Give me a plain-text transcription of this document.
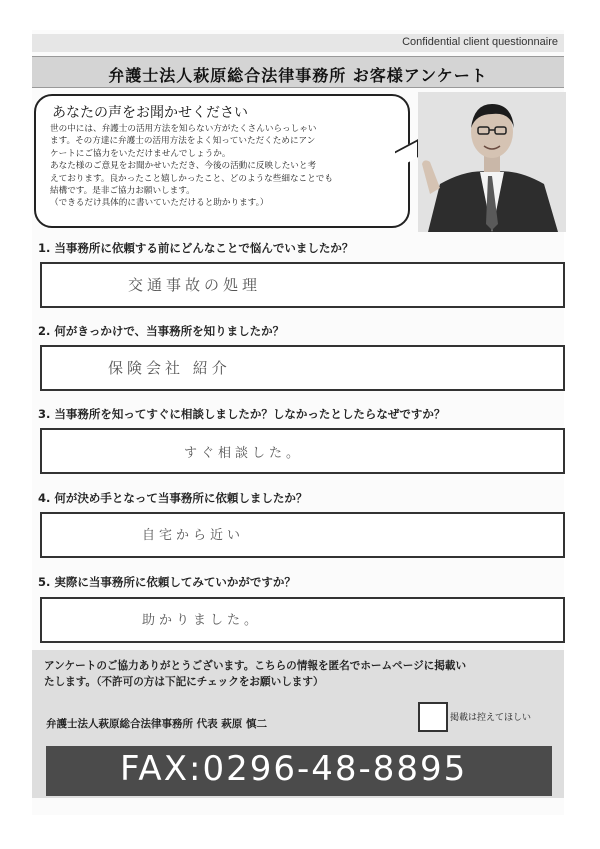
Confidential client questionnaire
弁護士法人萩原総合法律事務所 お客様アンケート
あなたの声をお聞かせください
世の中には、弁護士の活用方法を知らない方がたくさんいらっしゃい
ます。その方達に弁護士の活用方法をよく知っていただくためにアン
ケートにご協力をいただけませんでしょうか。
あなた様のご意見をお聞かせいただき、今後の活動に反映したいと考
えております。良かったこと嬉しかったこと、どのような些細なことでも
結構です。是非ご協力お願いします。
（できるだけ具体的に書いていただけると助かります。）
1. 当事務所に依頼する前にどんなことで悩んでいましたか？
交通事故の処理
2. 何がきっかけで、当事務所を知りましたか？
保険会社 紹介
3. 当事務所を知ってすぐに相談しましたか？しなかったとしたらなぜですか？
すぐ相談した。
4. 何が決め手となって当事務所に依頼しましたか？
自宅から近い
5. 実際に当事務所に依頼してみていかがですか？
助かりました。
アンケートのご協力ありがとうございます。こちらの情報を匿名でホームページに掲載い
たします。（不許可の方は下記にチェックをお願いします）
弁護士法人萩原総合法律事務所 代表 萩原 慎二	掲載は控えてほしい
FAX:0296-48-8895
